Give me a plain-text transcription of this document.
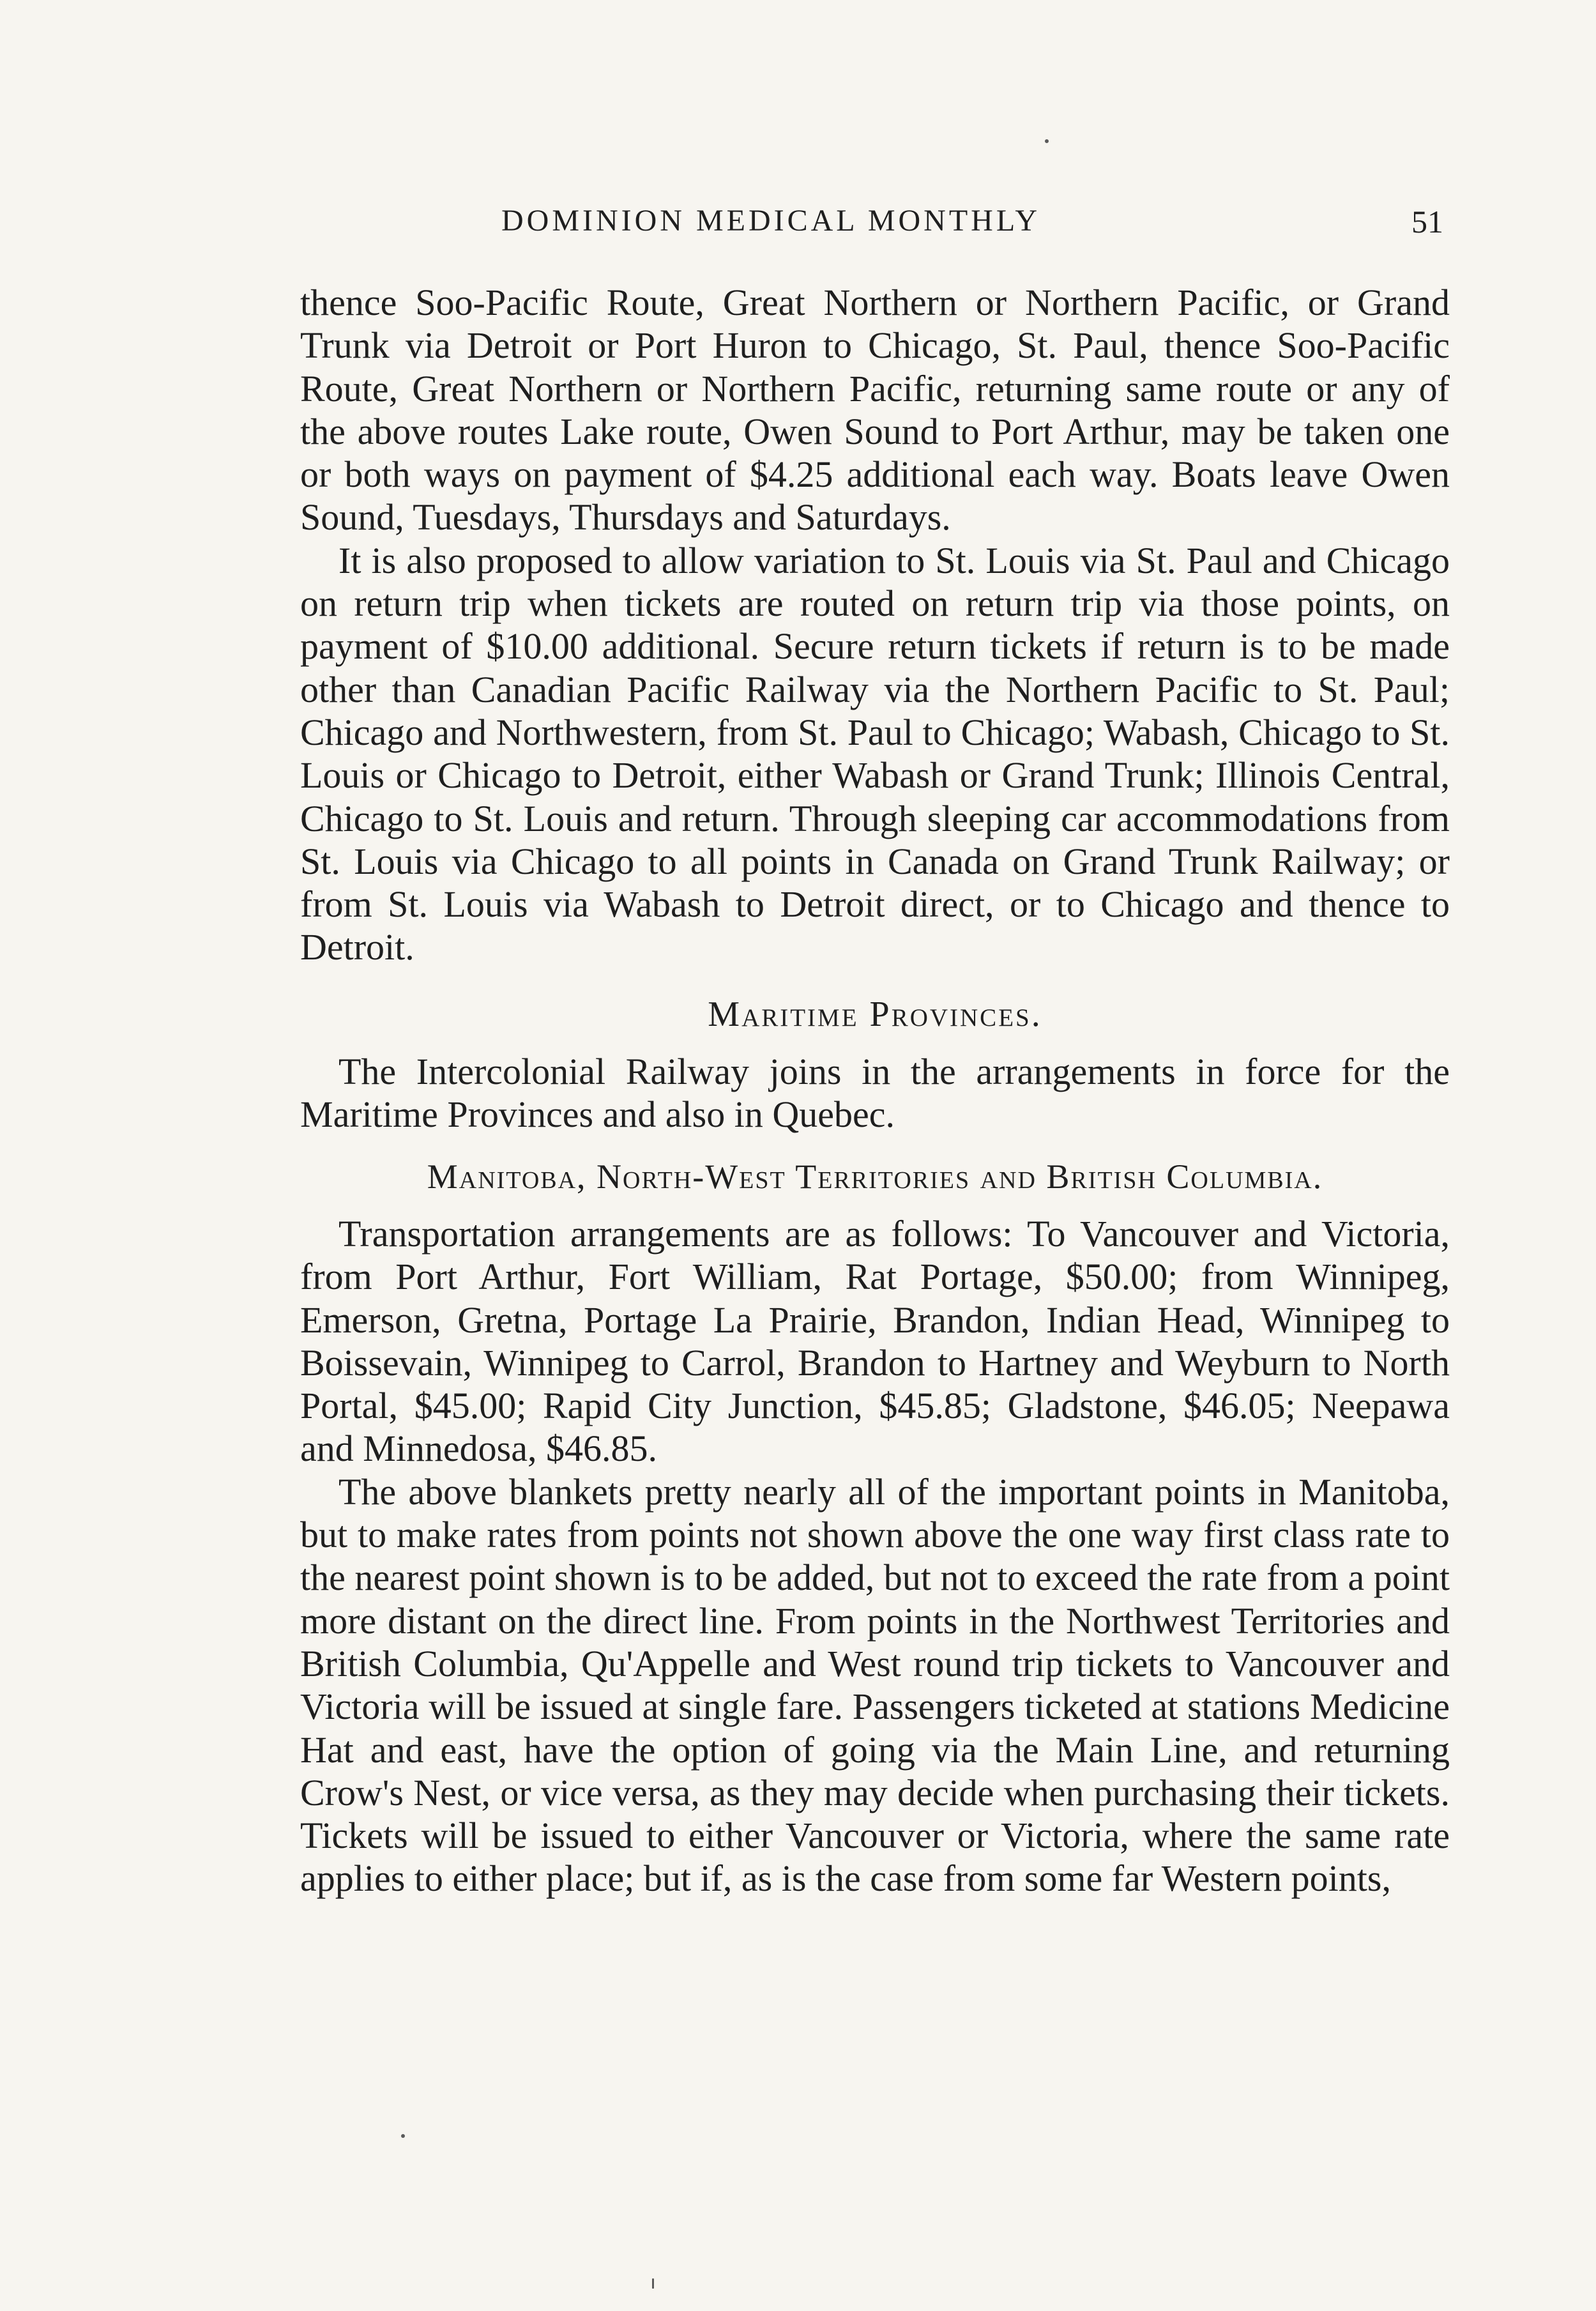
DOMINION MEDICAL MONTHLY	51

thence Soo-Pacific Route, Great Northern or Northern Pacific, or Grand Trunk via Detroit or Port Huron to Chicago, St. Paul, thence Soo-Pacific Route, Great Northern or Northern Pacific, returning same route or any of the above routes Lake route, Owen Sound to Port Arthur, may be taken one or both ways on payment of $4.25 additional each way. Boats leave Owen Sound, Tuesdays, Thursdays and Saturdays.

It is also proposed to allow variation to St. Louis via St. Paul and Chicago on return trip when tickets are routed on return trip via those points, on payment of $10.00 additional. Secure return tickets if return is to be made other than Canadian Pacific Railway via the Northern Pacific to St. Paul; Chicago and Northwestern, from St. Paul to Chicago; Wabash, Chicago to St. Louis or Chicago to Detroit, either Wabash or Grand Trunk; Illinois Central, Chicago to St. Louis and return. Through sleeping car accommodations from St. Louis via Chicago to all points in Canada on Grand Trunk Railway; or from St. Louis via Wabash to Detroit direct, or to Chicago and thence to Detroit.

Maritime Provinces.

The Intercolonial Railway joins in the arrangements in force for the Maritime Provinces and also in Quebec.

Manitoba, North-West Territories and British Columbia.

Transportation arrangements are as follows: To Vancouver and Victoria, from Port Arthur, Fort William, Rat Portage, $50.00; from Winnipeg, Emerson, Gretna, Portage La Prairie, Brandon, Indian Head, Winnipeg to Boissevain, Winnipeg to Carrol, Brandon to Hartney and Weyburn to North Portal, $45.00; Rapid City Junction, $45.85; Gladstone, $46.05; Neepawa and Minnedosa, $46.85.

The above blankets pretty nearly all of the important points in Manitoba, but to make rates from points not shown above the one way first class rate to the nearest point shown is to be added, but not to exceed the rate from a point more distant on the direct line. From points in the Northwest Territories and British Columbia, Qu'Appelle and West round trip tickets to Vancouver and Victoria will be issued at single fare. Passengers ticketed at stations Medicine Hat and east, have the option of going via the Main Line, and returning Crow's Nest, or vice versa, as they may decide when purchasing their tickets. Tickets will be issued to either Vancouver or Victoria, where the same rate applies to either place; but if, as is the case from some far Western points,
